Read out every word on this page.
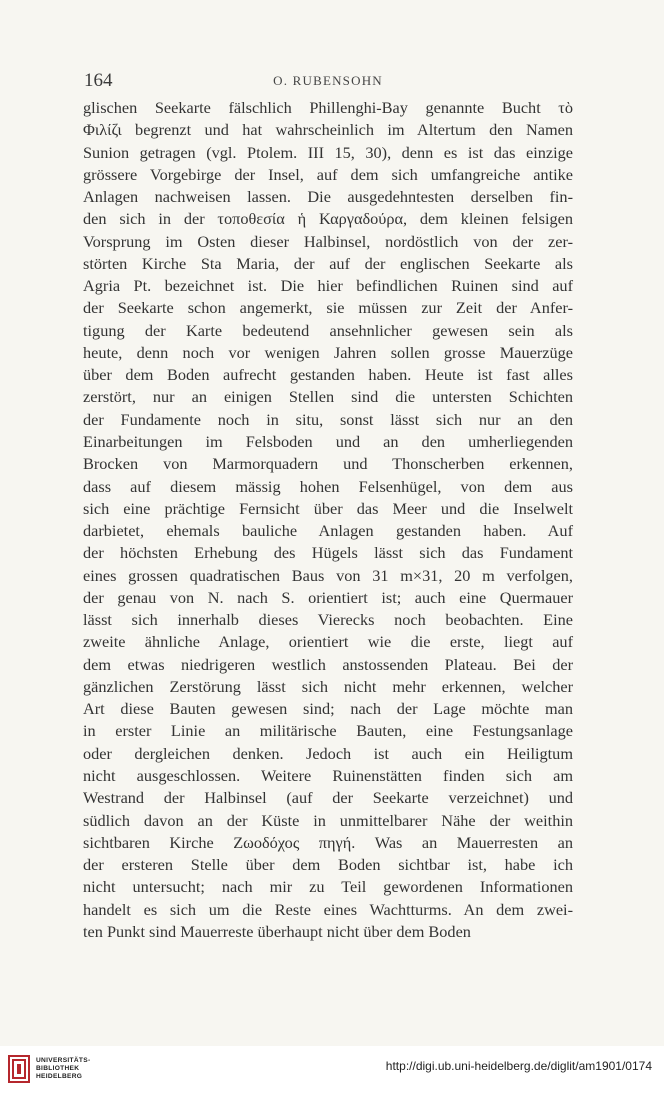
164	O. RUBENSOHN
glischen Seekarte fälschlich Phillenghi-Bay genannte Bucht τὸ
Φιλίζι begrenzt und hat wahrscheinlich im Altertum den Namen
Sunion getragen (vgl. Ptolem. III 15, 30), denn es ist das einzige
grössere Vorgebirge der Insel, auf dem sich umfangreiche antike
Anlagen nachweisen lassen. Die ausgedehntesten derselben fin-
den sich in der τοποθεσία ἡ Καργαδούρα, dem kleinen felsigen
Vorsprung im Osten dieser Halbinsel, nordöstlich von der zer-
störten Kirche Sta Maria, der auf der englischen Seekarte als
Agria Pt. bezeichnet ist. Die hier befindlichen Ruinen sind auf
der Seekarte schon angemerkt, sie müssen zur Zeit der Anfer-
tigung der Karte bedeutend ansehnlicher gewesen sein als
heute, denn noch vor wenigen Jahren sollen grosse Mauerzüge
über dem Boden aufrecht gestanden haben. Heute ist fast alles
zerstört, nur an einigen Stellen sind die untersten Schichten
der Fundamente noch in situ, sonst lässt sich nur an den
Einarbeitungen im Felsboden und an den umherliegenden
Brocken von Marmorquadern und Thonscherben erkennen,
dass auf diesem mässig hohen Felsenhügel, von dem aus
sich eine prächtige Fernsicht über das Meer und die Inselwelt
darbietet, ehemals bauliche Anlagen gestanden haben. Auf
der höchsten Erhebung des Hügels lässt sich das Fundament
eines grossen quadratischen Baus von 31 m×31, 20 m verfolgen,
der genau von N. nach S. orientiert ist; auch eine Quermauer
lässt sich innerhalb dieses Vierecks noch beobachten. Eine
zweite ähnliche Anlage, orientiert wie die erste, liegt auf
dem etwas niedrigeren westlich anstossenden Plateau. Bei der
gänzlichen Zerstörung lässt sich nicht mehr erkennen, welcher
Art diese Bauten gewesen sind; nach der Lage möchte man
in erster Linie an militärische Bauten, eine Festungsanlage
oder dergleichen denken. Jedoch ist auch ein Heiligtum
nicht ausgeschlossen. Weitere Ruinenstätten finden sich am
Westrand der Halbinsel (auf der Seekarte verzeichnet) und
südlich davon an der Küste in unmittelbarer Nähe der weithin
sichtbaren Kirche Ζωοδόχος πηγή. Was an Mauerresten an
der ersteren Stelle über dem Boden sichtbar ist, habe ich
nicht untersucht; nach mir zu Teil gewordenen Informationen
handelt es sich um die Reste eines Wachtturms. An dem zwei-
ten Punkt sind Mauerreste überhaupt nicht über dem Boden
UNIVERSITÄTS-
BIBLIOTHEK
HEIDELBERG
http://digi.ub.uni-heidelberg.de/diglit/am1901/0174
